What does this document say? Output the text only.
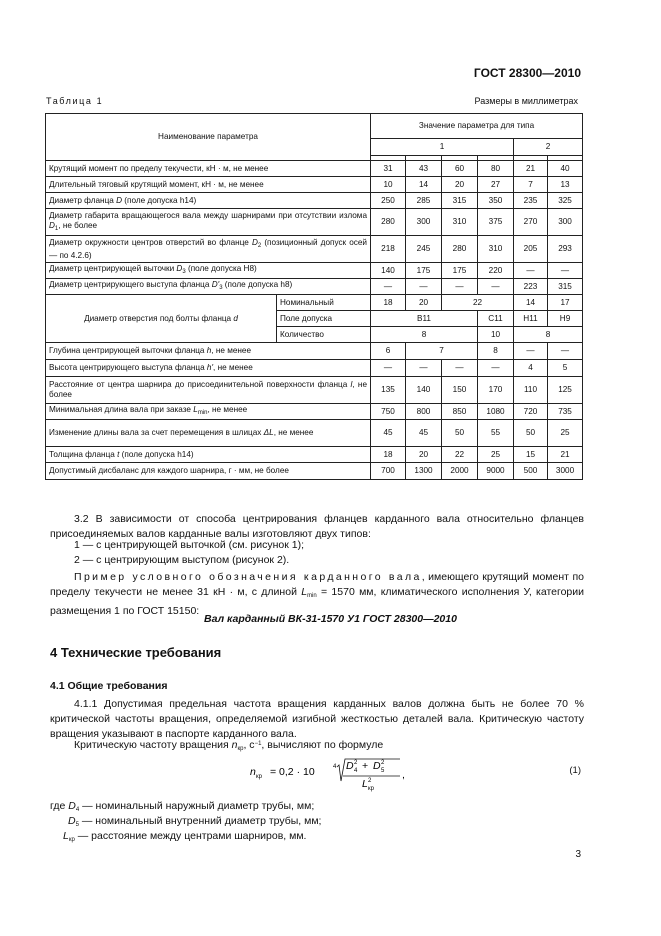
ГОСТ 28300—2010
Таблица 1	Размеры в миллиметрах
Наименование параметра		Значение параметра для типа					
		1				2	

Крутящий момент по пределу текучести, кН · м, не менее		31	43	60	80	21	40
Длительный тяговый крутящий момент, кН · м, не менее		10	14	20	27	7	13
Диаметр фланца D (поле допуска h14)		250	285	315	350	235	325
Диаметр габарита вращающегося вала между шарнирами при отсутствии излома $D_1$, не более		280	300	310	375	270	300
Диаметр окружности центров отверстий во фланце $D_2$ (позиционный допуск осей — по 4.2.6)		218	245	280	310	205	293
Диаметр центрирующей выточки $D_3$ (поле допуска H8)		140	175	175	220	—	—
Диаметр центрирующего выступа фланца $D'_3$ (поле допуска h8)		—	—	—	—	223	315
Диаметр отверстия под болты фланца d	Номинальный	18	20	22		14	17
	Поле допуска	B11			C11	H11	H9
	Количество	8			10	8	
Глубина центрирующей выточки фланца h, не менее		6	7		8	—	—
Высота центрирующего выступа фланца h', не менее		—	—	—	—	4	5
Расстояние от центра шарнира до присоединительной поверхности фланца l, не более		135	140	150	170	110	125
Минимальная длина вала при заказе $L_{min}$, не менее		750	800	850	1080	720	735
Изменение длины вала за счет перемещения в шлицах ΔL, не менее		45	45	50	55	50	25
Толщина фланца t (поле допуска h14)		18	20	22	25	15	21
Допустимый дисбаланс для каждого шарнира, г · мм, не более		700	1300	2000	9000	500	3000
3.2 В зависимости от способа центрирования фланцев карданного вала относительно фланцев присоединяемых валов карданные валы изготовляют двух типов:
1 — с центрирующей выточкой (см. рисунок 1);
2 — с центрирующим выступом (рисунок 2).
Пример условного обозначения карданного вала, имеющего крутящий момент по пределу текучести не менее 31 кН · м, с длиной $L_{min} = 1570$ мм, климатического исполнения У, категории размещения 1 по ГОСТ 15150:
Вал карданный ВК-31-1570 У1 ГОСТ 28300—2010
4 Технические требования
4.1 Общие требования
4.1.1 Допустимая предельная частота вращения карданных валов должна быть не более 70 % критической частоты вращения, определяемой изгибной жесткостью деталей вала. Критическую частоту вращения указывают в паспорте карданного вала.
Критическую частоту вращения $n_{кр}$, $с^{-1}$, вычисляют по формуле
n кр = 0,2 · 10	4 D 2
4 + D 2
5
L 2
кр
,	(1)
где $D_4$ — номинальный наружный диаметр трубы, мм;
$D_5$ — номинальный внутренний диаметр трубы, мм;
$L_{кр}$ — расстояние между центрами шарниров, мм.
3
